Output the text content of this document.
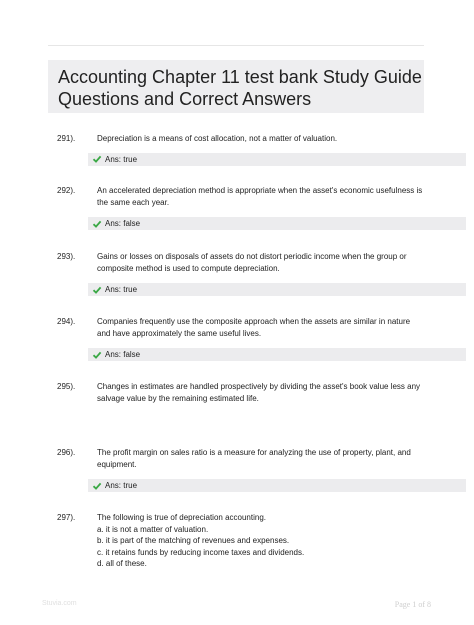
Accounting Chapter 11 test bank Study Guide
Questions and Correct Answers
291).	Depreciation is a means of cost allocation, not a matter of valuation.
Ans: true
292).	An accelerated depreciation method is appropriate when the asset's economic usefulness is the same each year.
Ans: false
293).	Gains or losses on disposals of assets do not distort periodic income when the group or composite method is used to compute depreciation.
Ans: true
294).	Companies frequently use the composite approach when the assets are similar in nature and have approximately the same useful lives.
Ans: false
295).	Changes in estimates are handled prospectively by dividing the asset's book value less any salvage value by the remaining estimated life.
296).	The profit margin on sales ratio is a measure for analyzing the use of property, plant, and equipment.
Ans: true
297).	The following is true of depreciation accounting.
a. it is not a matter of valuation.
b. it is part of the matching of revenues and expenses.
c. it retains funds by reducing income taxes and dividends.
d. all of these.
Stuvia.com	Page 1 of 8
